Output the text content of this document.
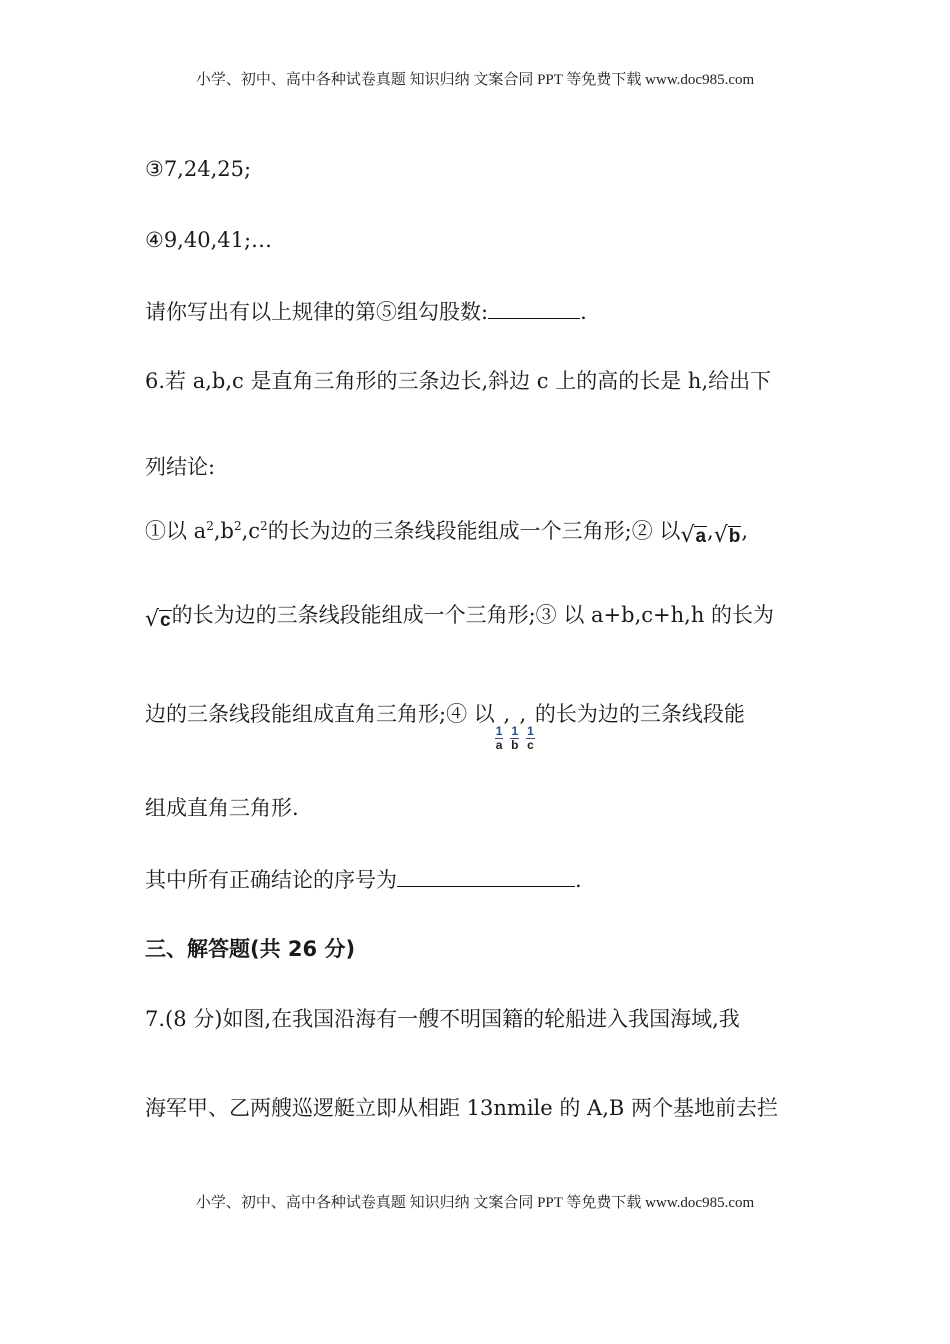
小学、初中、高中各种试卷真题 知识归纳 文案合同 PPT 等免费下载 www.doc985.com
③7,24,25;
④9,40,41;…
请你写出有以上规律的第⑤组勾股数:	.
6.若 a,b,c 是直角三角形的三条边长,斜边 c 上的高的长是 h,给出下
列结论:
①以 $a^2,b^2,c^2$的长为边的三条线段能组成一个三角形;② 以 √ a , √ b ,
√ c 的长为边的三条线段能组成一个三角形;③ 以 a+b,c+h,h 的长为
边的三条线段能组成直角三角形;④ 以
$\frac{1}{a}$
,
$\frac{1}{b}$
,
$\frac{1}{c}$
的长为边的三条线段能
组成直角三角形.
其中所有正确结论的序号为	.
三、解答题(共 26 分)
7.(8 分)如图,在我国沿海有一艘不明国籍的轮船进入我国海域,我
海军甲、乙两艘巡逻艇立即从相距 13nmile 的 A,B 两个基地前去拦
小学、初中、高中各种试卷真题 知识归纳 文案合同 PPT 等免费下载 www.doc985.com
